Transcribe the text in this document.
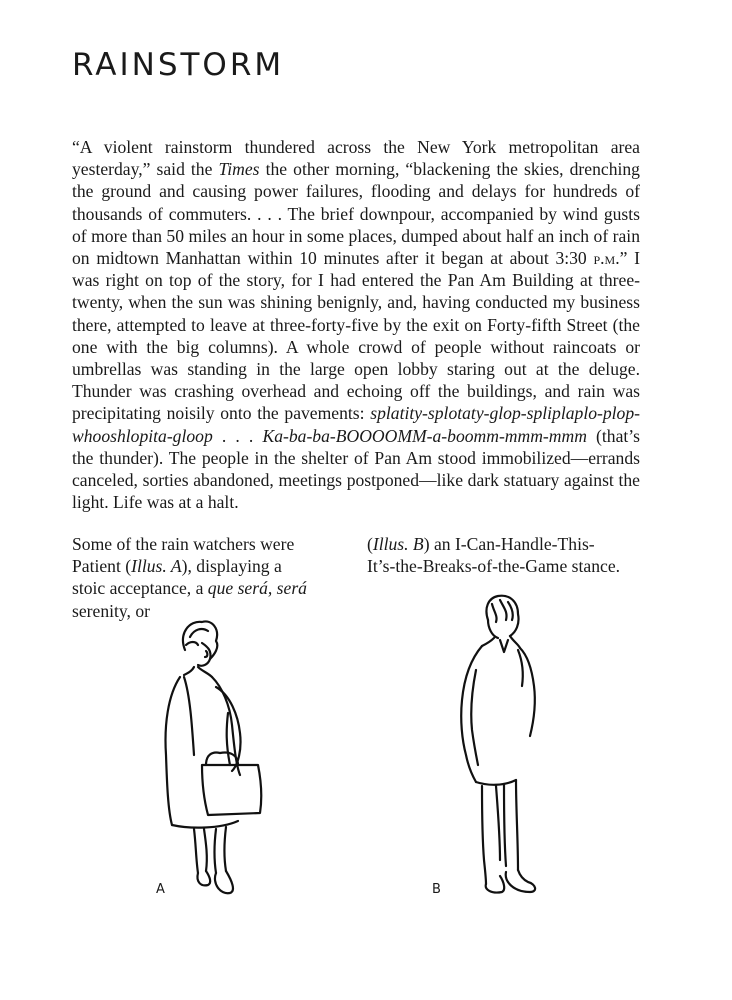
RAINSTORM

“A violent rainstorm thundered across the New York metropolitan area yesterday,” said the Times the other morning, “blackening the skies, drenching the ground and causing power failures, flooding and delays for hundreds of thousands of commuters. . . . The brief downpour, accompanied by wind gusts of more than 50 miles an hour in some places, dumped about half an inch of rain on midtown Manhattan within 10 minutes after it began at about 3:30 p.m.” I was right on top of the story, for I had entered the Pan Am Building at three-twenty, when the sun was shining benignly, and, having conducted my business there, attempted to leave at three-forty-five by the exit on Forty-fifth Street (the one with the big columns). A whole crowd of people without raincoats or umbrellas was standing in the large open lobby staring out at the deluge. Thunder was crashing overhead and echoing off the buildings, and rain was precipitating noisily onto the pavements: splatity-splotaty-glop-spliplaplo-plop-whooshlopita-gloop . . . Ka-ba-ba-BOOOOMM-a-boomm-mmm-mmm (that’s the thunder). The people in the shelter of Pan Am stood immobilized—errands canceled, sorties abandoned, meetings postponed—like dark statuary against the light. Life was at a halt.

Some of the rain watchers were
Patient (Illus. A), displaying a
stoic acceptance, a que será, será
serenity, or
(Illus. B) an I-Can-Handle-This-
It’s-the-Breaks-of-the-Game stance.
A	B
